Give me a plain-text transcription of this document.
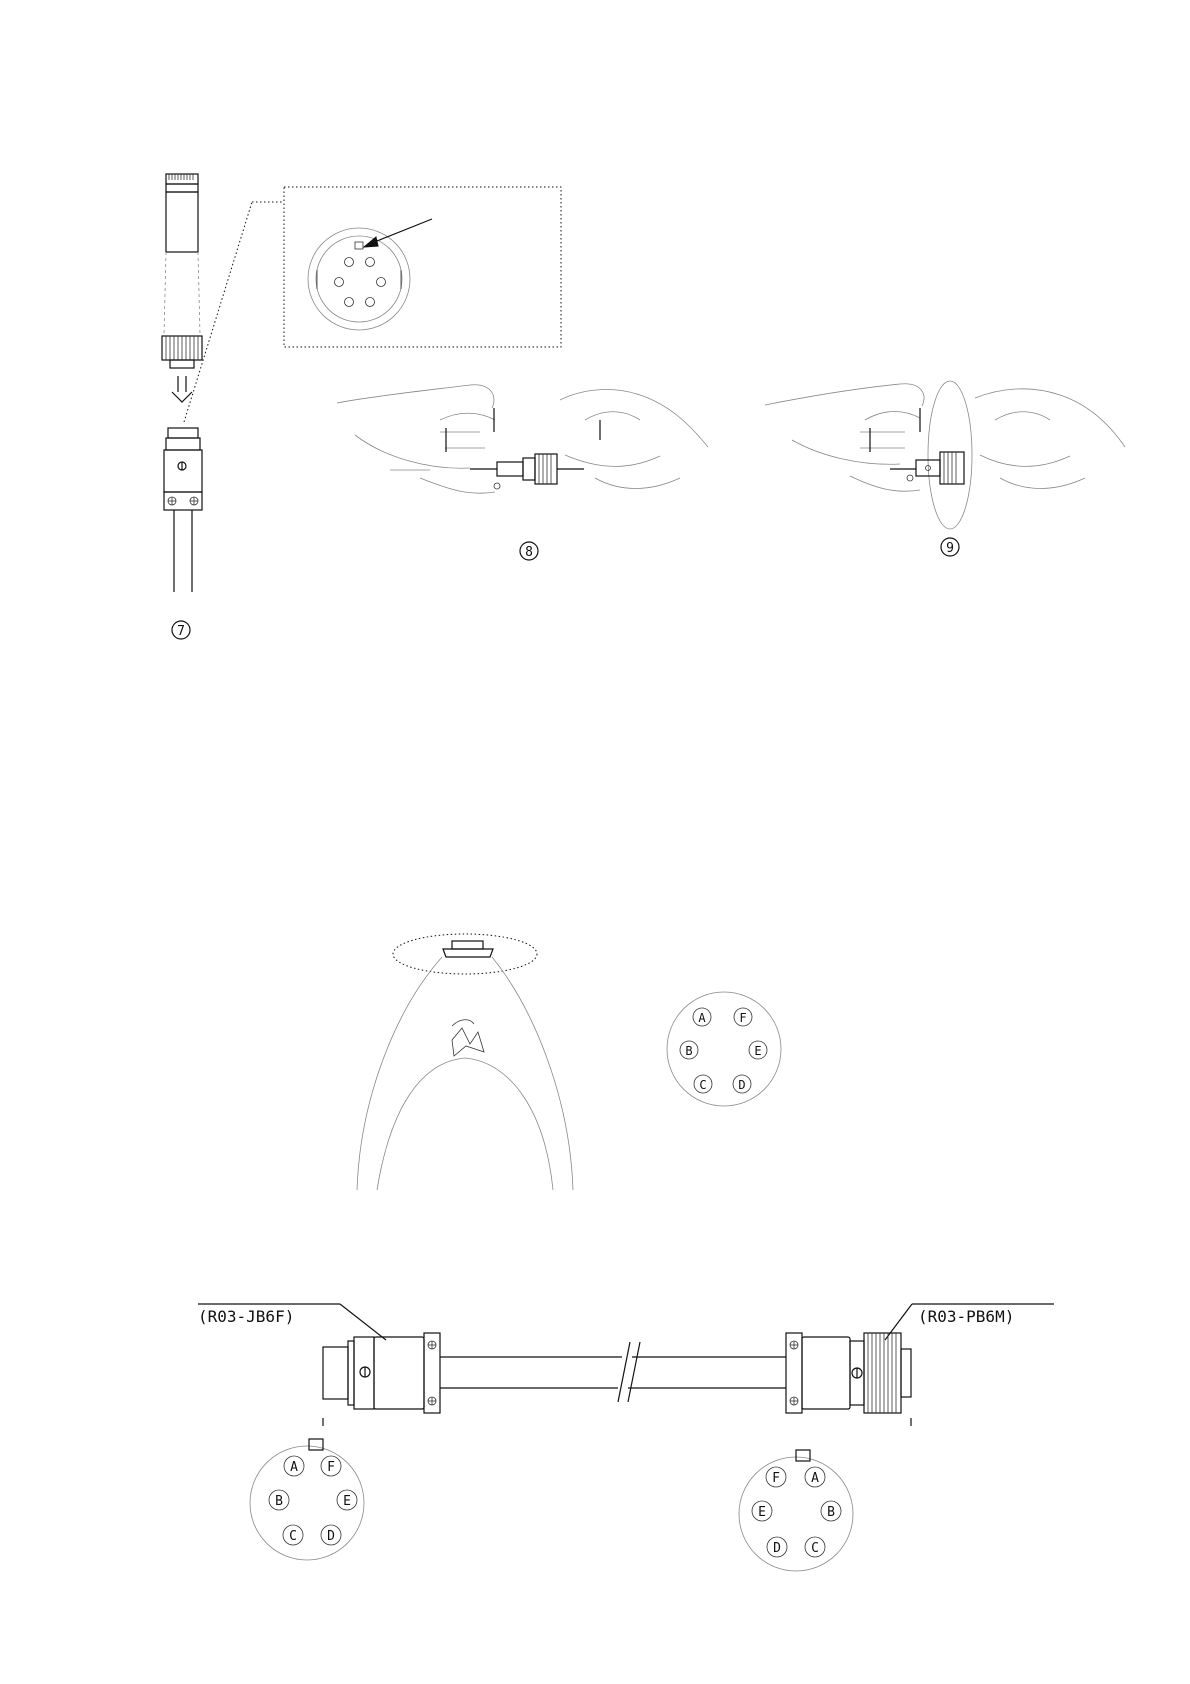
7
8	9
A	F
B	E
C	D
(R03-JB6F)	(R03-PB6M)
A F
B	E
C D
F A
E	B
D C
